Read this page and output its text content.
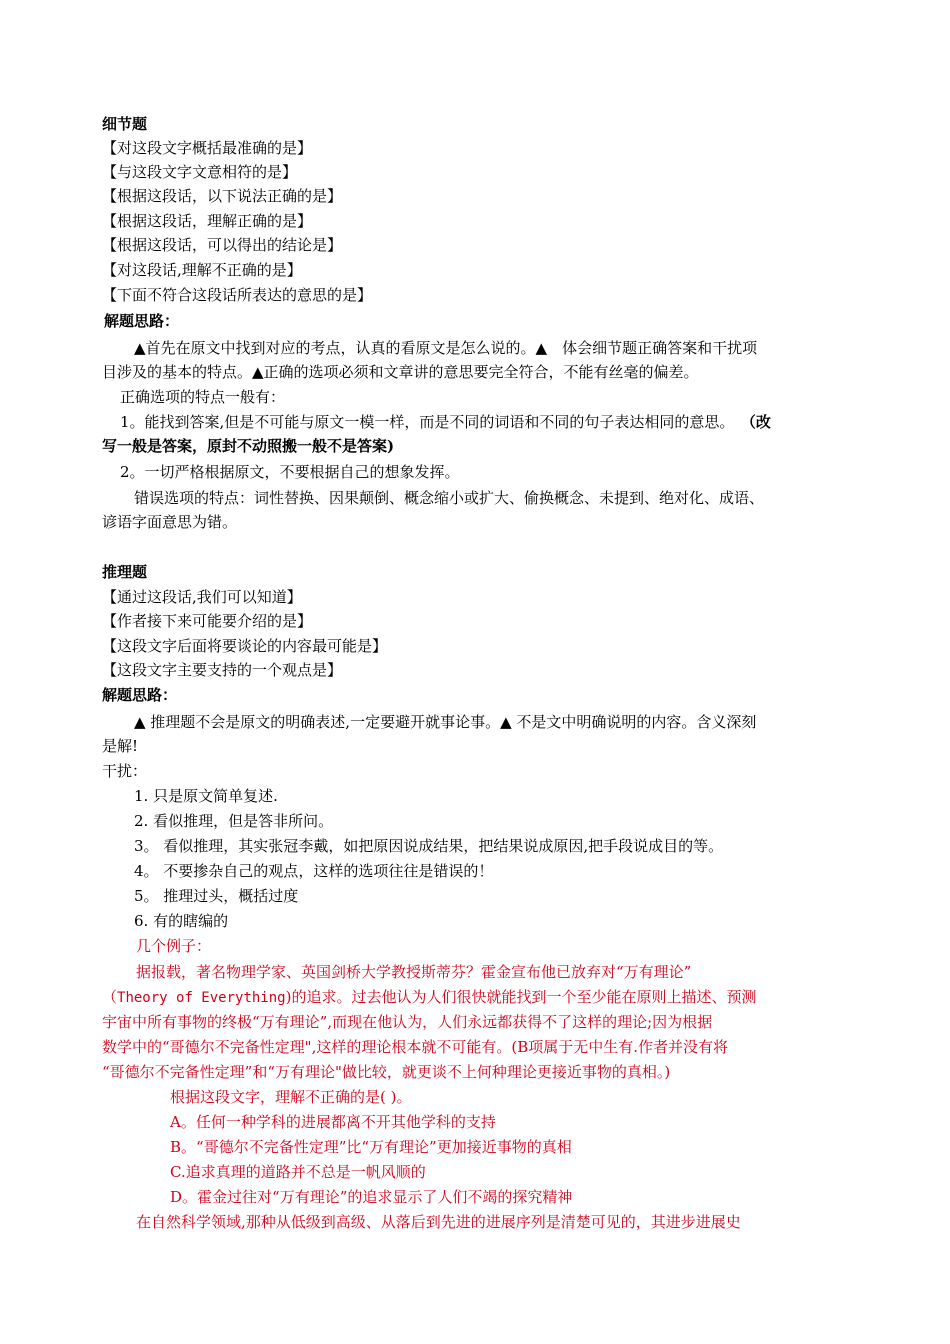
细节题
【对这段文字概括最准确的是】
【与这段文字文意相符的是】
【根据这段话，以下说法正确的是】
【根据这段话，理解正确的是】
【根据这段话，可以得出的结论是】
【对这段话,理解不正确的是】
【下面不符合这段话所表达的意思的是】
解题思路：
▲首先在原文中找到对应的考点，认真的看原文是怎么说的。▲　体会细节题正确答案和干扰项
目涉及的基本的特点。▲正确的选项必须和文章讲的意思要完全符合，不能有丝毫的偏差。
正确选项的特点一般有：
1。能找到答案,但是不可能与原文一模一样，而是不同的词语和不同的句子表达相同的意思。 （改
写一般是答案，原封不动照搬一般不是答案)
2。一切严格根据原文，不要根据自己的想象发挥。
错误选项的特点：词性替换、因果颠倒、概念缩小或扩大、偷换概念、未提到、绝对化、成语、
谚语字面意思为错。
推理题
【通过这段话,我们可以知道】
【作者接下来可能要介绍的是】
【这段文字后面将要谈论的内容最可能是】
【这段文字主要支持的一个观点是】
解题思路：
▲ 推理题不会是原文的明确表述,一定要避开就事论事。▲ 不是文中明确说明的内容。含义深刻
是解!
干扰：
1. 只是原文简单复述.
2. 看似推理，但是答非所问。
3。 看似推理，其实张冠李戴，如把原因说成结果，把结果说成原因,把手段说成目的等。
4。 不要掺杂自己的观点，这样的选项往往是错误的！
5。 推理过头，概括过度
6. 有的瞎编的
几个例子：
据报载，著名物理学家、英国剑桥大学教授斯蒂芬？霍金宣布他已放弃对“万有理论”
（Theory of Everything)的追求。过去他认为人们很快就能找到一个至少能在原则上描述、预测
宇宙中所有事物的终极“万有理论”,而现在他认为，人们永远都获得不了这样的理论;因为根据
数学中的“哥德尔不完备性定理",这样的理论根本就不可能有。(B项属于无中生有.作者并没有将
“哥德尔不完备性定理”和“万有理论"做比较，就更谈不上何种理论更接近事物的真相。)
根据这段文字，理解不正确的是( )。
A。任何一种学科的进展都离不开其他学科的支持
B。“哥德尔不完备性定理”比“万有理论”更加接近事物的真相
C.追求真理的道路并不总是一帆风顺的
D。霍金过往对“万有理论”的追求显示了人们不竭的探究精神
在自然科学领域,那种从低级到高级、从落后到先进的进展序列是清楚可见的，其进步进展史
